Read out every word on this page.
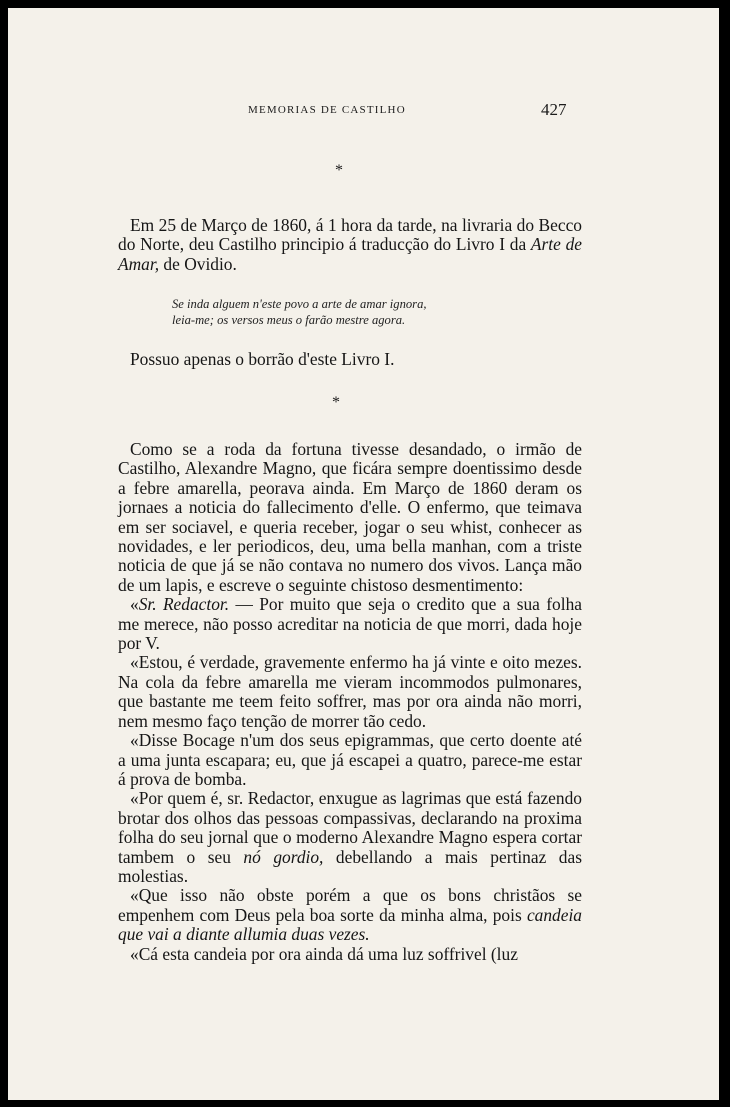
MEMORIAS DE CASTILHO	427
*

Em 25 de Março de 1860, á 1 hora da tarde, na livraria do Becco do Norte, deu Castilho principio á traducção do Livro I da Arte de Amar, de Ovidio.

Se inda alguem n'este povo a arte de amar ignora,

leia-me; os versos meus o farão mestre agora.

Possuo apenas o borrão d'este Livro I.

*

Como se a roda da fortuna tivesse desandado, o irmão de Castilho, Alexandre Magno, que ficára sempre doentissimo desde a febre amarella, peorava ainda. Em Março de 1860 deram os jornaes a noticia do fallecimento d'elle. O enfermo, que teimava em ser sociavel, e queria receber, jogar o seu whist, conhecer as novidades, e ler periodicos, deu, uma bella manhan, com a triste noticia de que já se não contava no numero dos vivos. Lança mão de um lapis, e escreve o seguinte chistoso desmentimento:

«Sr. Redactor. — Por muito que seja o credito que a sua folha me merece, não posso acreditar na noticia de que morri, dada hoje por V.

«Estou, é verdade, gravemente enfermo ha já vinte e oito mezes. Na cola da febre amarella me vieram incommodos pulmonares, que bastante me teem feito soffrer, mas por ora ainda não morri, nem mesmo faço tenção de morrer tão cedo.

«Disse Bocage n'um dos seus epigrammas, que certo doente até a uma junta escapara; eu, que já escapei a quatro, parece-me estar á prova de bomba.

«Por quem é, sr. Redactor, enxugue as lagrimas que está fazendo brotar dos olhos das pessoas compassivas, declarando na proxima folha do seu jornal que o moderno Alexandre Magno espera cortar tambem o seu nó gordio, debellando a mais pertinaz das molestias.

«Que isso não obste porém a que os bons christãos se empenhem com Deus pela boa sorte da minha alma, pois candeia que vai a diante allumia duas vezes.

«Cá esta candeia por ora ainda dá uma luz soffrivel (luz
